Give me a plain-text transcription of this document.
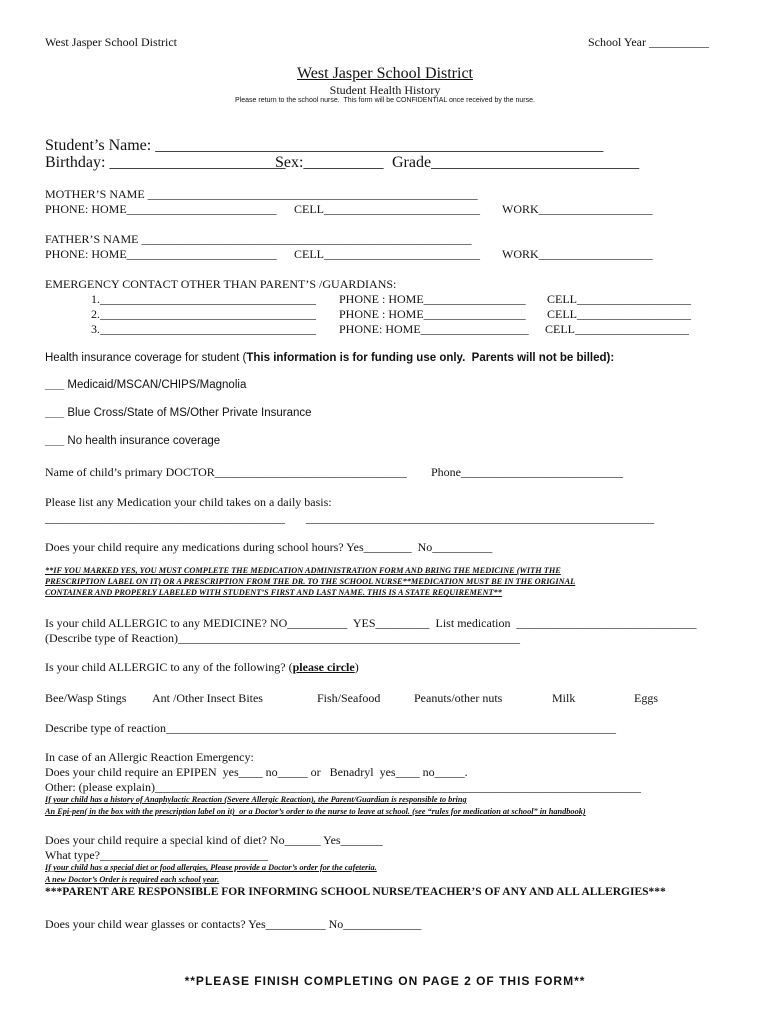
West Jasper School District	School Year __________
West Jasper School District
Student Health History
Please return to the school nurse.  This form will be CONFIDENTIAL once received by the nurse.
Student’s Name: ________________________________________________________
Birthday: ______________________
Sex:__________ Grade__________________________
MOTHER’S NAME _______________________________________________________
PHONE: HOME_________________________ CELL__________________________ WORK___________________
FATHER’S NAME _______________________________________________________
PHONE: HOME_________________________ CELL__________________________ WORK___________________
EMERGENCY CONTACT OTHER THAN PARENT’S /GUARDIANS:
1.____________________________________ PHONE : HOME_________________ CELL___________________
2.____________________________________ PHONE : HOME_________________ CELL___________________
3.____________________________________ PHONE: HOME__________________ CELL___________________
Health insurance coverage for student (This information is for funding use only.  Parents will not be billed):
___ Medicaid/MSCAN/CHIPS/Magnolia
___ Blue Cross/State of MS/Other Private Insurance
___ No health insurance coverage
Name of child’s primary DOCTOR________________________________ Phone___________________________
Please list any Medication your child takes on a daily basis:
________________________________________ __________________________________________________________
Does your child require any medications during school hours? Yes________  No__________
**IF YOU MARKED YES, YOU MUST COMPLETE THE MEDICATION ADMINISTRATION FORM AND BRING THE MEDICINE (WITH THE
PRESCRIPTION LABEL ON IT) OR A PRESCRIPTION FROM THE DR. TO THE SCHOOL NURSE**MEDICATION MUST BE IN THE ORIGINAL
CONTAINER AND PROPERLY LABELED WITH STUDENT’S FIRST AND LAST NAME. THIS IS A STATE REQUIREMENT**
Is your child ALLERGIC to any MEDICINE? NO__________  YES_________  List medication  ______________________________
(Describe type of Reaction)_________________________________________________________
Is your child ALLERGIC to any of the following? (please circle)
Bee/Wasp Stings Ant /Other Insect Bites	Fish/Seafood	Peanuts/other nuts	Milk	Eggs
Describe type of reaction___________________________________________________________________________
In case of an Allergic Reaction Emergency:
Does your child require an EPIPEN  yes____ no_____ or   Benadryl  yes____ no_____.
Other: (please explain)_________________________________________________________________________________
If your child has a history of Anaphylactic Reaction (Severe Allergic Reaction), the Parent/Guardian is responsible to bring
An Epi-pen( in the box with the prescription label on it)  or a Doctor’s order to the nurse to leave at school. (see “rules for medication at school” in handbook)
Does your child require a special kind of diet? No______ Yes_______
What type?____________________________
If your child has a special diet or food allergies, Please provide a Doctor’s order for the cafeteria.
A new Doctor’s Order is required each school year.
***PARENT ARE RESPONSIBLE FOR INFORMING SCHOOL NURSE/TEACHER’S OF ANY AND ALL ALLERGIES***
Does your child wear glasses or contacts? Yes__________ No_____________
**PLEASE FINISH COMPLETING ON PAGE 2 OF THIS FORM**
